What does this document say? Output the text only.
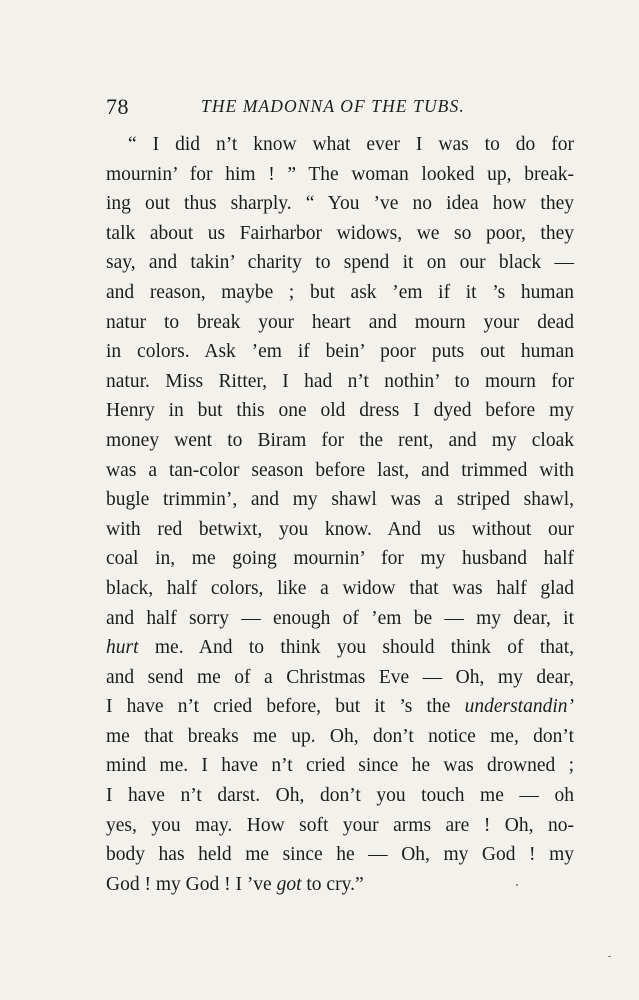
78	THE MADONNA OF THE TUBS.
“ I did n’t know what ever I was to do for
mournin’ for him ! ” The woman looked up, break-
ing out thus sharply. “ You ’ve no idea how they
talk about us Fairharbor widows, we so poor, they
say, and takin’ charity to spend it on our black —
and reason, maybe ; but ask ’em if it ’s human
natur to break your heart and mourn your dead
in colors. Ask ’em if bein’ poor puts out human
natur. Miss Ritter, I had n’t nothin’ to mourn for
Henry in but this one old dress I dyed before my
money went to Biram for the rent, and my cloak
was a tan-color season before last, and trimmed with
bugle trimmin’, and my shawl was a striped shawl,
with red betwixt, you know. And us without our
coal in, me going mournin’ for my husband half
black, half colors, like a widow that was half glad
and half sorry — enough of ’em be — my dear, it
hurt me. And to think you should think of that,
and send me of a Christmas Eve — Oh, my dear,
I have n’t cried before, but it ’s the understandin’
me that breaks me up. Oh, don’t notice me, don’t
mind me. I have n’t cried since he was drowned ;
I have n’t darst. Oh, don’t you touch me — oh
yes, you may. How soft your arms are ! Oh, no-
body has held me since he — Oh, my God ! my
God ! my God ! I ’ve got to cry.”
